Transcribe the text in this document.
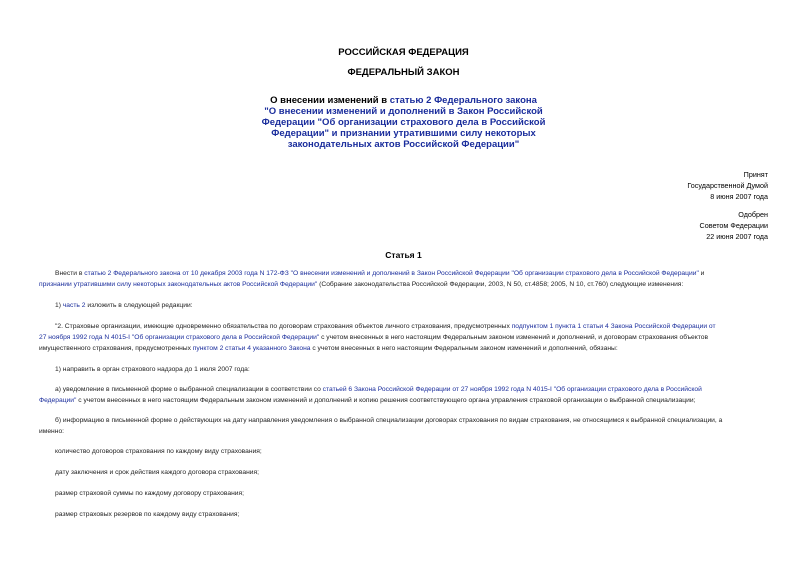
РОССИЙСКАЯ ФЕДЕРАЦИЯ
ФЕДЕРАЛЬНЫЙ ЗАКОН
О внесении изменений в статью 2 Федерального закона
"О внесении изменений и дополнений в Закон Российской
Федерации "Об организации страхового дела в Российской
Федерации" и признании утратившими силу некоторых
законодательных актов Российской Федерации"
Принят
Государственной Думой
8 июня 2007 года
Одобрен
Советом Федерации
22 июня 2007 года
Статья 1
Внести в статью 2 Федерального закона от 10 декабря 2003 года N 172-ФЗ "О внесении изменений и дополнений в Закон Российской Федерации "Об организации страхового дела в Российской Федерации" и
признании утратившими силу некоторых законодательных актов Российской Федерации" (Собрание законодательства Российской Федерации, 2003, N 50, ст.4858; 2005, N 10, ст.760) следующие изменения:
1) часть 2 изложить в следующей редакции:
"2. Страховые организации, имеющие одновременно обязательства по договорам страхования объектов личного страхования, предусмотренных подпунктом 1 пункта 1 статьи 4 Закона Российской Федерации от
27 ноября 1992 года N 4015-I "Об организации страхового дела в Российской Федерации" с учетом внесенных в него настоящим Федеральным законом изменений и дополнений, и договорам страхования объектов
имущественного страхования, предусмотренных пунктом 2 статьи 4 указанного Закона с учетом внесенных в него настоящим Федеральным законом изменений и дополнений, обязаны:
1) направить в орган страхового надзора до 1 июля 2007 года:
а) уведомление в письменной форме о выбранной специализации в соответствии со статьей 6 Закона Российской Федерации от 27 ноября 1992 года N 4015-I "Об организации страхового дела в Российской
Федерации" с учетом внесенных в него настоящим Федеральным законом изменений и дополнений и копию решения соответствующего органа управления страховой организации о выбранной специализации;
б) информацию в письменной форме о действующих на дату направления уведомления о выбранной специализации договорах страхования по видам страхования, не относящимся к выбранной специализации, а
именно:
количество договоров страхования по каждому виду страхования;
дату заключения и срок действия каждого договора страхования;
размер страховой суммы по каждому договору страхования;
размер страховых резервов по каждому виду страхования;
